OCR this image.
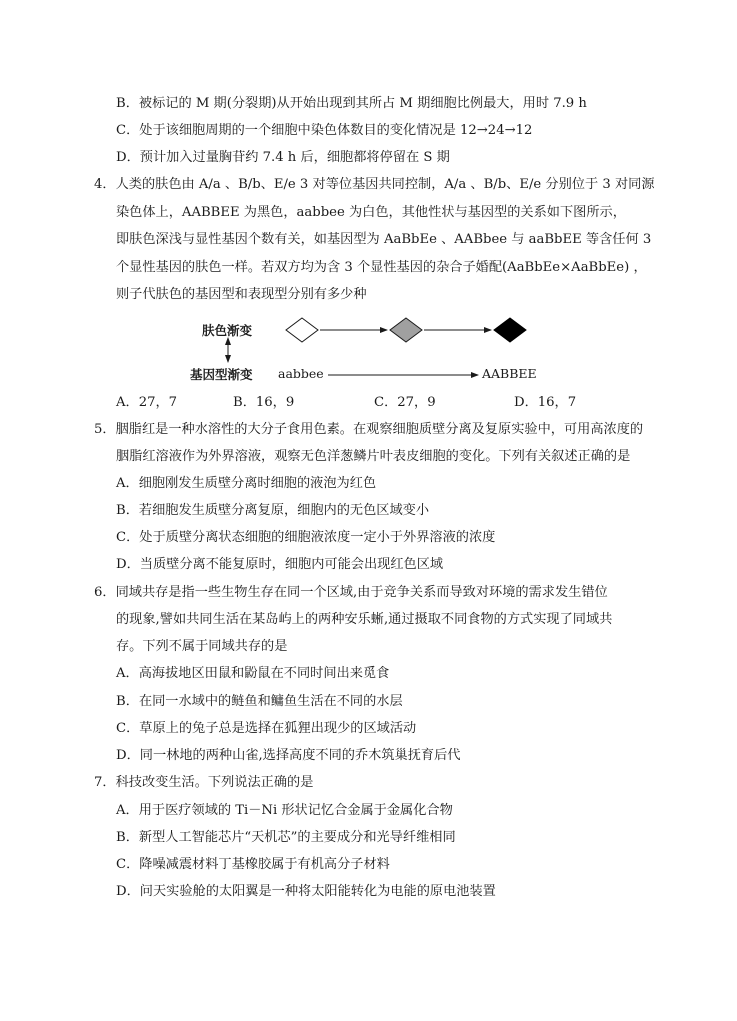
B．被标记的 M 期(分裂期)从开始出现到其所占 M 期细胞比例最大，用时 7.9 h
C．处于该细胞周期的一个细胞中染色体数目的变化情况是 12→24→12
D．预计加入过量胸苷约 7.4 h 后，细胞都将停留在 S 期
4．人类的肤色由 A/a 、B/b、E/e 3 对等位基因共同控制，A/a 、B/b、E/e 分别位于 3 对同源
染色体上，AABBEE 为黑色，aabbee 为白色，其他性状与基因型的关系如下图所示，
即肤色深浅与显性基因个数有关，如基因型为 AaBbEe 、AABbee 与 aaBbEE 等含任何 3
个显性基因的肤色一样。若双方均为含 3 个显性基因的杂合子婚配(AaBbEe×AaBbEe) ，
则子代肤色的基因型和表现型分别有多少种
肤色渐变
基因型渐变 aabbee	AABBEE
A．27，7	B．16，9	C．27，9	D．16，7
5．胭脂红是一种水溶性的大分子食用色素。在观察细胞质壁分离及复原实验中，可用高浓度的
胭脂红溶液作为外界溶液，观察无色洋葱鳞片叶表皮细胞的变化。下列有关叙述正确的是
A．细胞刚发生质壁分离时细胞的液泡为红色
B．若细胞发生质壁分离复原，细胞内的无色区域变小
C．处于质壁分离状态细胞的细胞液浓度一定小于外界溶液的浓度
D．当质壁分离不能复原时，细胞内可能会出现红色区域
6．同域共存是指一些生物生存在同一个区域,由于竞争关系而导致对环境的需求发生错位
的现象,譬如共同生活在某岛屿上的两种安乐蜥,通过摄取不同食物的方式实现了同域共
存。下列不属于同域共存的是
A．高海拔地区田鼠和鼢鼠在不同时间出来觅食
B．在同一水域中的鲢鱼和鳙鱼生活在不同的水层
C．草原上的兔子总是选择在狐狸出现少的区域活动
D．同一林地的两种山雀,选择高度不同的乔木筑巢抚育后代
7．科技改变生活。下列说法正确的是
A．用于医疗领域的 Ti－Ni 形状记忆合金属于金属化合物
B．新型人工智能芯片“天机芯”的主要成分和光导纤维相同
C．降噪减震材料丁基橡胶属于有机高分子材料
D．问天实验舱的太阳翼是一种将太阳能转化为电能的原电池装置
